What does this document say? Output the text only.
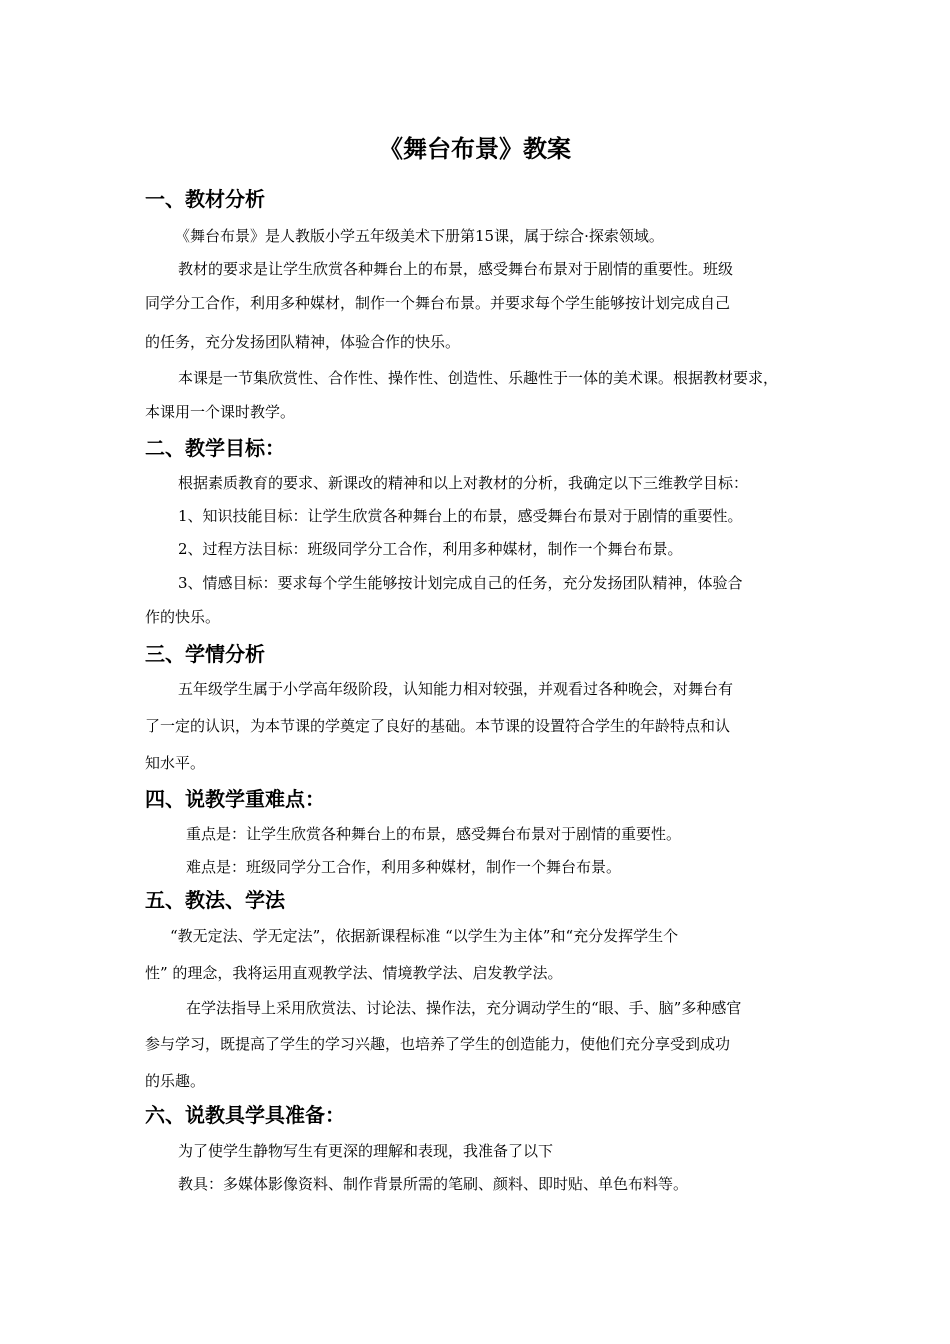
《舞台布景》教案
一、教材分析

《舞台布景》是人教版小学五年级美术下册第15课，属于综合·探索领域。

教材的要求是让学生欣赏各种舞台上的布景，感受舞台布景对于剧情的重要性。班级

同学分工合作，利用多种媒材，制作一个舞台布景。并要求每个学生能够按计划完成自己

的任务，充分发扬团队精神，体验合作的快乐。

本课是一节集欣赏性、合作性、操作性、创造性、乐趣性于一体的美术课。根据教材要求，

本课用一个课时教学。

二、教学目标：

根据素质教育的要求、新课改的精神和以上对教材的分析，我确定以下三维教学目标：

1、知识技能目标：让学生欣赏各种舞台上的布景，感受舞台布景对于剧情的重要性。

2、过程方法目标：班级同学分工合作，利用多种媒材，制作一个舞台布景。

3、情感目标：要求每个学生能够按计划完成自己的任务，充分发扬团队精神，体验合

作的快乐。

三、学情分析

五年级学生属于小学高年级阶段，认知能力相对较强，并观看过各种晚会，对舞台有

了一定的认识，为本节课的学奠定了良好的基础。本节课的设置符合学生的年龄特点和认

知水平。

四、说教学重难点：

重点是：让学生欣赏各种舞台上的布景，感受舞台布景对于剧情的重要性。

难点是：班级同学分工合作，利用多种媒材，制作一个舞台布景。

五、教法、学法

“教无定法、学无定法”，依据新课程标准 “以学生为主体”和“充分发挥学生个

性” 的理念，我将运用直观教学法、情境教学法、启发教学法。

在学法指导上采用欣赏法、讨论法、操作法，充分调动学生的“眼、手、脑”多种感官

参与学习，既提高了学生的学习兴趣，也培养了学生的创造能力，使他们充分享受到成功

的乐趣。

六、说教具学具准备：

为了使学生静物写生有更深的理解和表现，我准备了以下

教具：多媒体影像资料、制作背景所需的笔刷、颜料、即时贴、单色布料等。
